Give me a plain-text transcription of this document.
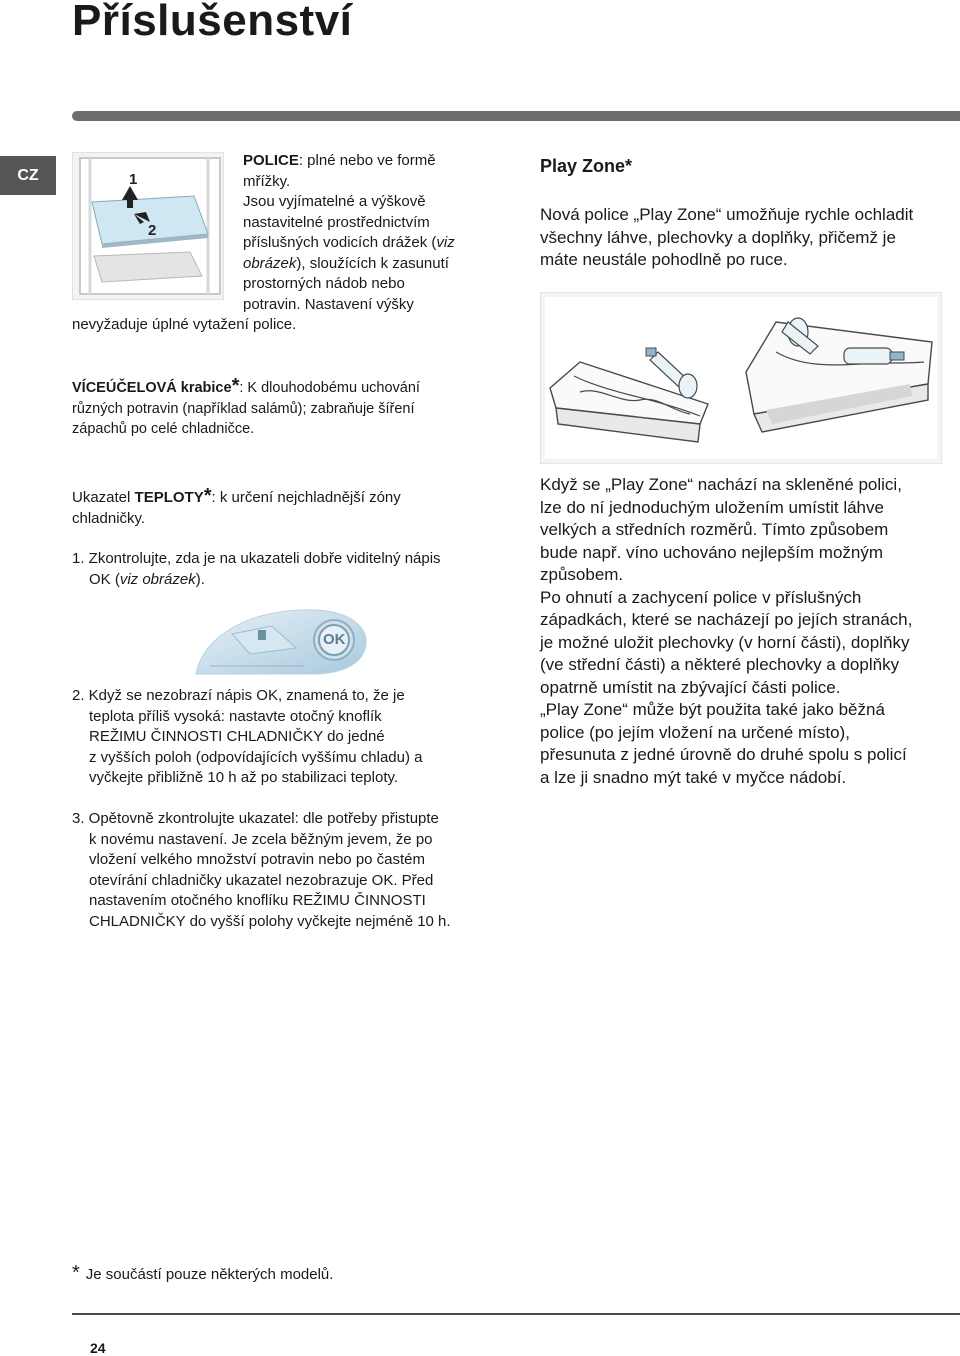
Příslušenství
CZ	1
2
POLICE: plné nebo ve formě
mřížky.
Jsou vyjímatelné a výškově
nastavitelné prostřednictvím
příslušných vodicích drážek (viz
obrázek), sloužících k zasunutí
prostorných nádob nebo
potravin. Nastavení výšky
nevyžaduje úplné vytažení police.
VÍCEÚČELOVÁ krabice*: K dlouhodobému uchování
různých potravin (například salámů); zabraňuje šíření
zápachů po celé chladničce.
Ukazatel TEPLOTY*: k určení nejchladnější zóny
chladničky.
1. Zkontrolujte, zda je na ukazateli dobře viditelný nápis
OK (viz obrázek).
OK
2. Když se nezobrazí nápis OK, znamená to, že je
teplota příliš vysoká: nastavte otočný knoflík
REŽIMU ČINNOSTI CHLADNIČKY do jedné
z vyšších poloh (odpovídajících vyššímu chladu) a
vyčkejte přibližně 10 h až po stabilizaci teploty.
3. Opětovně zkontrolujte ukazatel: dle potřeby přistupte
k novému nastavení. Je zcela běžným jevem, že po
vložení velkého množství potravin nebo po častém
otevírání chladničky ukazatel nezobrazuje OK. Před
nastavením otočného knoflíku REŽIMU ČINNOSTI
CHLADNIČKY do vyšší polohy vyčkejte nejméně 10 h.
Play Zone*
Nová police „Play Zone“ umožňuje rychle ochladit
všechny láhve, plechovky a doplňky, přičemž je
máte neustále pohodlně po ruce.
Když se „Play Zone“ nachází na skleněné polici,
lze do ní jednoduchým uložením umístit láhve
velkých a středních rozměrů. Tímto způsobem
bude např. víno uchováno nejlepším možným
způsobem.
Po ohnutí a zachycení police v příslušných
západkách, které se nacházejí po jejích stranách,
je možné uložit plechovky (v horní části), doplňky
(ve střední části) a některé plechovky a doplňky
opatrně umístit na zbývající části police.
„Play Zone“ může být použita také jako běžná
police (po jejím vložení na určené místo),
přesunuta z jedné úrovně do druhé spolu s policí
a lze ji snadno mýt také v myčce nádobí.
* Je součástí pouze některých modelů.
24
